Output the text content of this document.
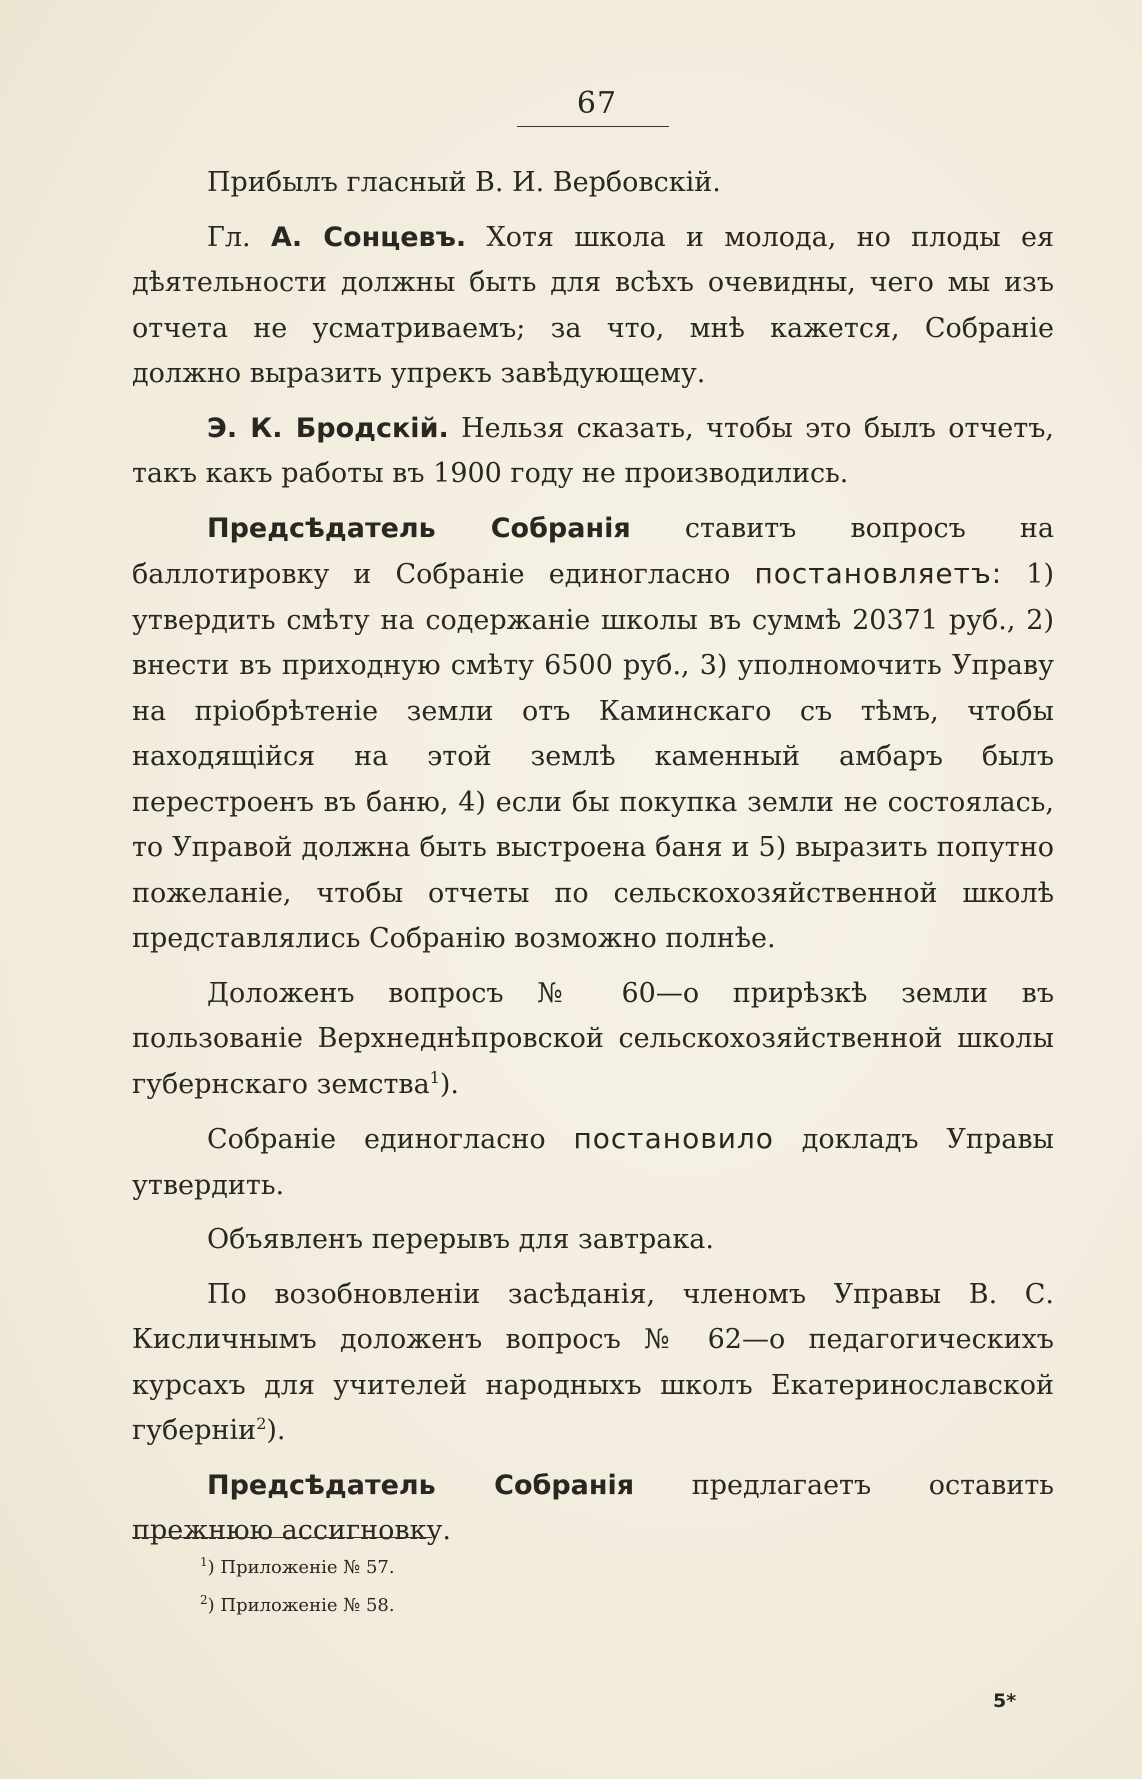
67

Прибылъ гласный В. И. Вербовскій.

Гл. А. Сонцевъ. Хотя школа и молода, но плоды ея дѣятельности должны быть для всѣхъ очевидны, чего мы изъ отчета не усматриваемъ; за что, мнѣ кажется, Собраніе должно выразить упрекъ завѣдующему.

Э. К. Бродскій. Нельзя сказать, чтобы это былъ отчетъ, такъ какъ работы въ 1900 году не производились.

Предсѣдатель Собранія ставитъ вопросъ на баллотировку и Собраніе единогласно постановляетъ: 1) утвердить смѣту на содержаніе школы въ суммѣ 20371 руб., 2) внести въ приходную смѣту 6500 руб., 3) уполномочить Управу на пріобрѣтеніе земли отъ Каминскаго съ тѣмъ, чтобы находящійся на этой землѣ каменный амбаръ былъ перестроенъ въ баню, 4) если бы покупка земли не состоялась, то Управой должна быть выстроена баня и 5) выразить попутно пожеланіе, чтобы отчеты по сельскохозяйственной школѣ представлялись Собранію возможно полнѣе.

Доложенъ вопросъ № 60—о прирѣзкѣ земли въ пользованіе Верхнеднѣпровской сельскохозяйственной школы губернскаго земства$^1$).

Собраніе единогласно постановило докладъ Управы утвердить.

Объявленъ перерывъ для завтрака.

По возобновленіи засѣданія, членомъ Управы В. С. Кисличнымъ доложенъ вопросъ № 62—о педагогическихъ курсахъ для учителей народныхъ школъ Екатеринославской губерніи$^2$).

Предсѣдатель Собранія предлагаетъ оставить прежнюю ассигновку.

$^1$) Приложеніе № 57.
$^2$) Приложеніе № 58.
5*
